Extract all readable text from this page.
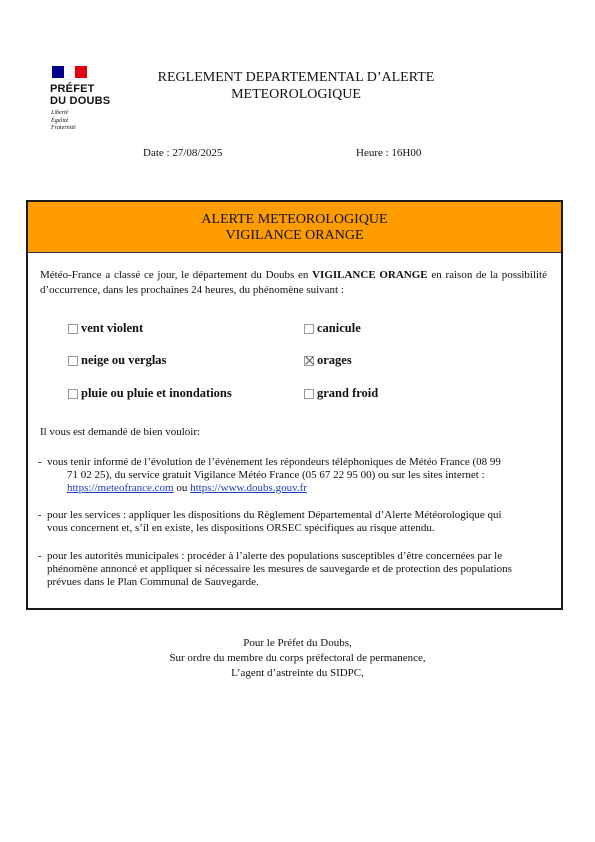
PRÉFET
DU DOUBS
Liberté
Égalité
Fraternité
REGLEMENT DEPARTEMENTAL D’ALERTE
METEOROLOGIQUE
Date : 27/08/2025	Heure : 16H00
ALERTE METEOROLOGIQUE
VIGILANCE ORANGE
Météo-France a classé ce jour, le département du Doubs en VIGILANCE ORANGE en raison de la possibilité d’occurrence, dans les prochaines 24 heures, du phénomène suivant :
vent violent	canicule
neige ou verglas	orages
pluie ou pluie et inondations	grand froid
Il vous est demandé de bien vouloir:
- vous tenir informé de l’évolution de l’événement les répondeurs téléphoniques de Météo France (08 99
71 02 25), du service gratuit Vigilance Météo France (05 67 22 95 00) ou sur les sites internet :
https://meteofrance.com ou https://www.doubs.gouv.fr
- pour les services : appliquer les dispositions du Règlement Départemental d’Alerte Météorologique qui
vous concernent et, s’il en existe, les dispositions ORSEC spécifiques au risque attendu.
- pour les autorités municipales : procéder à l’alerte des populations susceptibles d’être concernées par le
phénomène annoncé et appliquer si nécessaire les mesures de sauvegarde et de protection des populations
prévues dans le Plan Communal de Sauvegarde.
Pour le Préfet du Doubs,
Sur ordre du membre du corps préfectoral de permanence,
L’agent d’astreinte du SIDPC,
